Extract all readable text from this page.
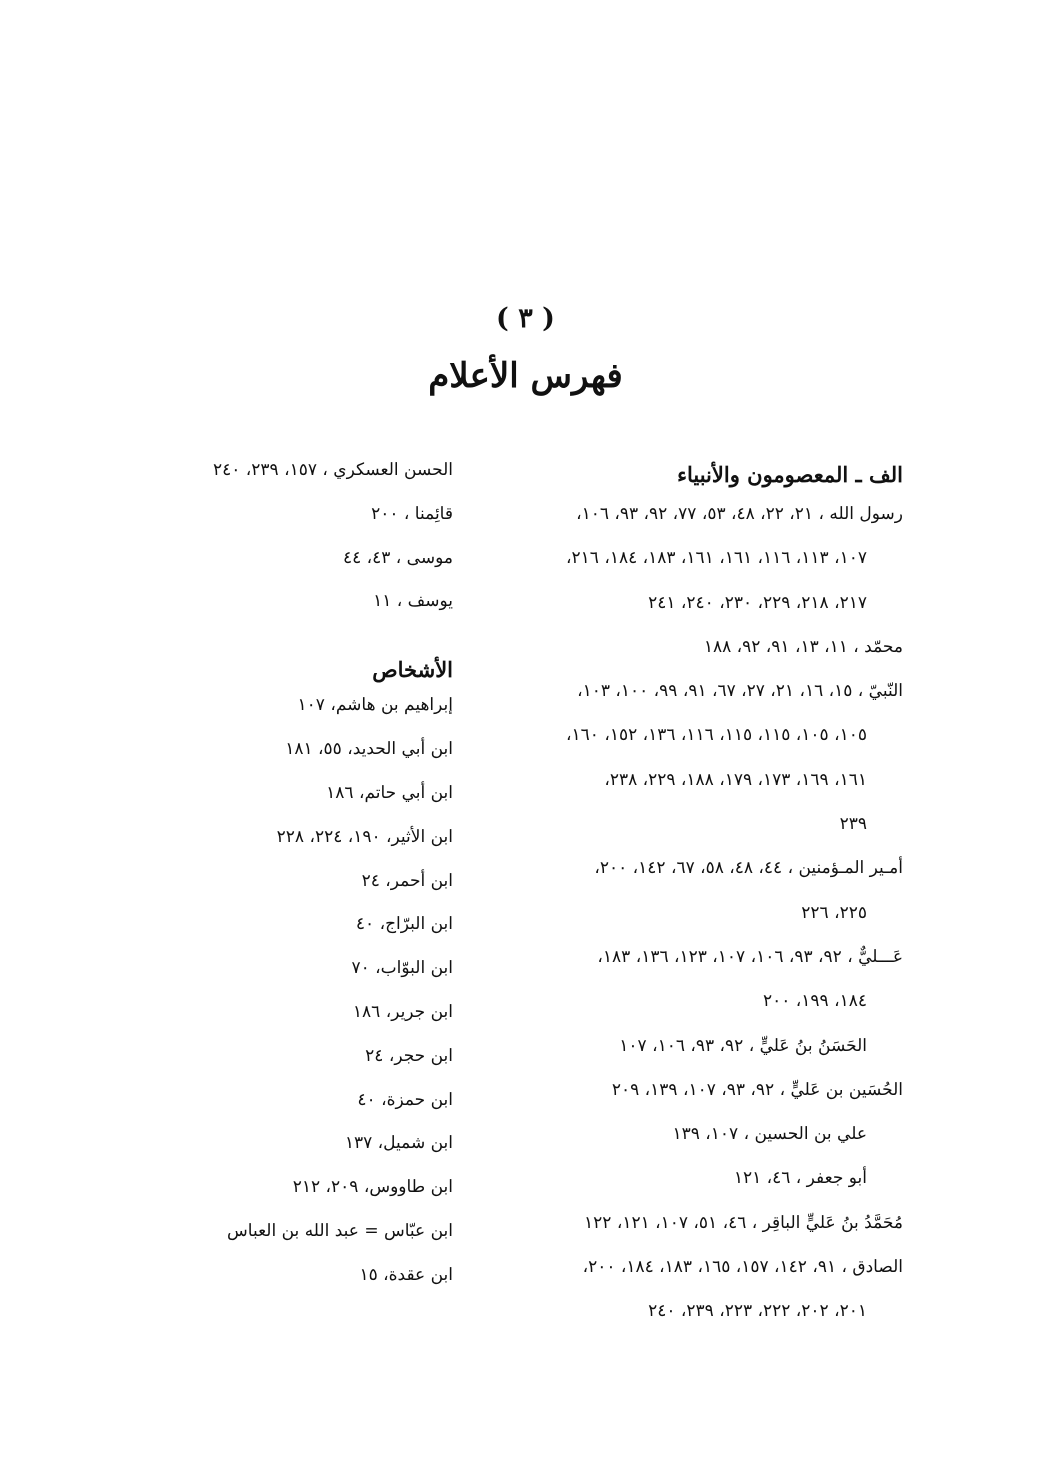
( ٣ )
فهرس الأعلام
الف ـ المعصومون والأنبياء
رسول الله ، ٢١، ٢٢، ٤٨، ٥٣، ٧٧، ٩٢، ٩٣، ١٠٦،
١٠٧، ١١٣، ١١٦، ١٦١، ١٦١، ١٨٣، ١٨٤، ٢١٦،
٢١٧، ٢١٨، ٢٢٩، ٢٣٠، ٢٤٠، ٢٤١
محمّد ، ١١، ١٣، ٩١، ٩٢، ١٨٨
النّبيّ ، ١٥، ١٦، ٢١، ٢٧، ٦٧، ٩١، ٩٩، ١٠٠، ١٠٣،
١٠٥، ١٠٥، ١١٥، ١١٥، ١١٦، ١٣٦، ١٥٢، ١٦٠،
١٦١، ١٦٩، ١٧٣، ١٧٩، ١٨٨، ٢٢٩، ٢٣٨،
٢٣٩
أمـير المـؤمنين ، ٤٤، ٤٨، ٥٨، ٦٧، ١٤٢، ٢٠٠،
٢٢٥، ٢٢٦
عَـــليٌّ ، ٩٢، ٩٣، ١٠٦، ١٠٧، ١٢٣، ١٣٦، ١٨٣،
١٨٤، ١٩٩، ٢٠٠
الحَسَنُ بنُ عَليٍّ ، ٩٢، ٩٣، ١٠٦، ١٠٧
الحُسَين بن عَليٍّ ، ٩٢، ٩٣، ١٠٧، ١٣٩، ٢٠٩
علي بن الحسين ، ١٠٧، ١٣٩
أبو جعفر ، ٤٦، ١٢١
مُحَمَّدُ بنُ عَليٍّ الباقِر ، ٤٦، ٥١، ١٠٧، ١٢١، ١٢٢
الصادق ، ٩١، ١٤٢، ١٥٧، ١٦٥، ١٨٣، ١٨٤، ٢٠٠،
٢٠١، ٢٠٢، ٢٢٢، ٢٢٣، ٢٣٩، ٢٤٠
الحسن العسكري ، ١٥٧، ٢٣٩، ٢٤٠
قائِمنا ، ٢٠٠
موسى ، ٤٣، ٤٤
يوسف ، ١١
الأشخاص
إبراهيم بن هاشم، ١٠٧
ابن أبي الحديد، ٥٥، ١٨١
ابن أبي حاتم، ١٨٦
ابن الأثير، ١٩٠، ٢٢٤، ٢٢٨
ابن أحمر، ٢٤
ابن البرّاج، ٤٠
ابن البوّاب، ٧٠
ابن جرير، ١٨٦
ابن حجر، ٢٤
ابن حمزة، ٤٠
ابن شميل، ١٣٧
ابن طاووس، ٢٠٩، ٢١٢
ابن عبّاس = عبد الله بن العباس
ابن عقدة، ١٥
